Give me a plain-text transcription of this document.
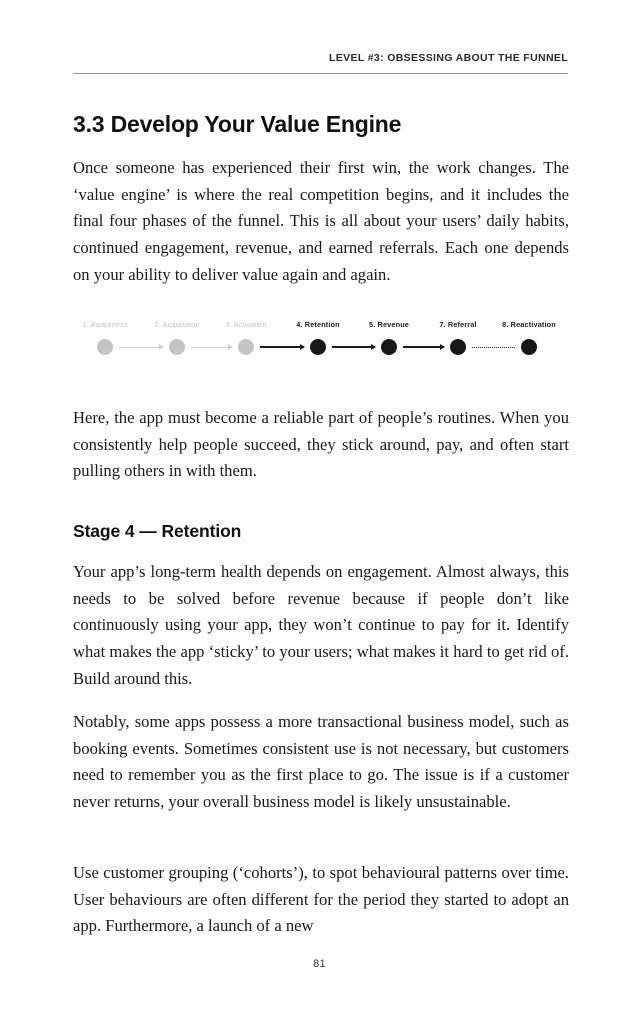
LEVEL #3: OBSESSING ABOUT THE FUNNEL
3.3 Develop Your Value Engine

Once someone has experienced their first win, the work changes. The ‘value engine’ is where the real competition begins, and it includes the final four phases of the funnel. This is all about your users’ daily habits, continued engagement, revenue, and earned referrals. Each one depends on your ability to deliver value again and again.

1. Awareness	2. Acquisition	3. Activation	4. Retention	5. Revenue	7. Referral	8. Reactivation

Here, the app must become a reliable part of people’s routines. When you consistently help people succeed, they stick around, pay, and often start pulling others in with them.

Stage 4 — Retention

Your app’s long-term health depends on engagement. Almost always, this needs to be solved before revenue because if people don’t like continuously using your app, they won’t continue to pay for it. Identify what makes the app ‘sticky’ to your users; what makes it hard to get rid of. Build around this.

Notably, some apps possess a more transactional business model, such as booking events. Sometimes consistent use is not necessary, but customers need to remember you as the first place to go. The issue is if a customer never returns, your overall business model is likely unsustainable.

Use customer grouping (‘cohorts’), to spot behavioural patterns over time. User behaviours are often different for the period they started to adopt an app. Furthermore, a launch of a new

81
